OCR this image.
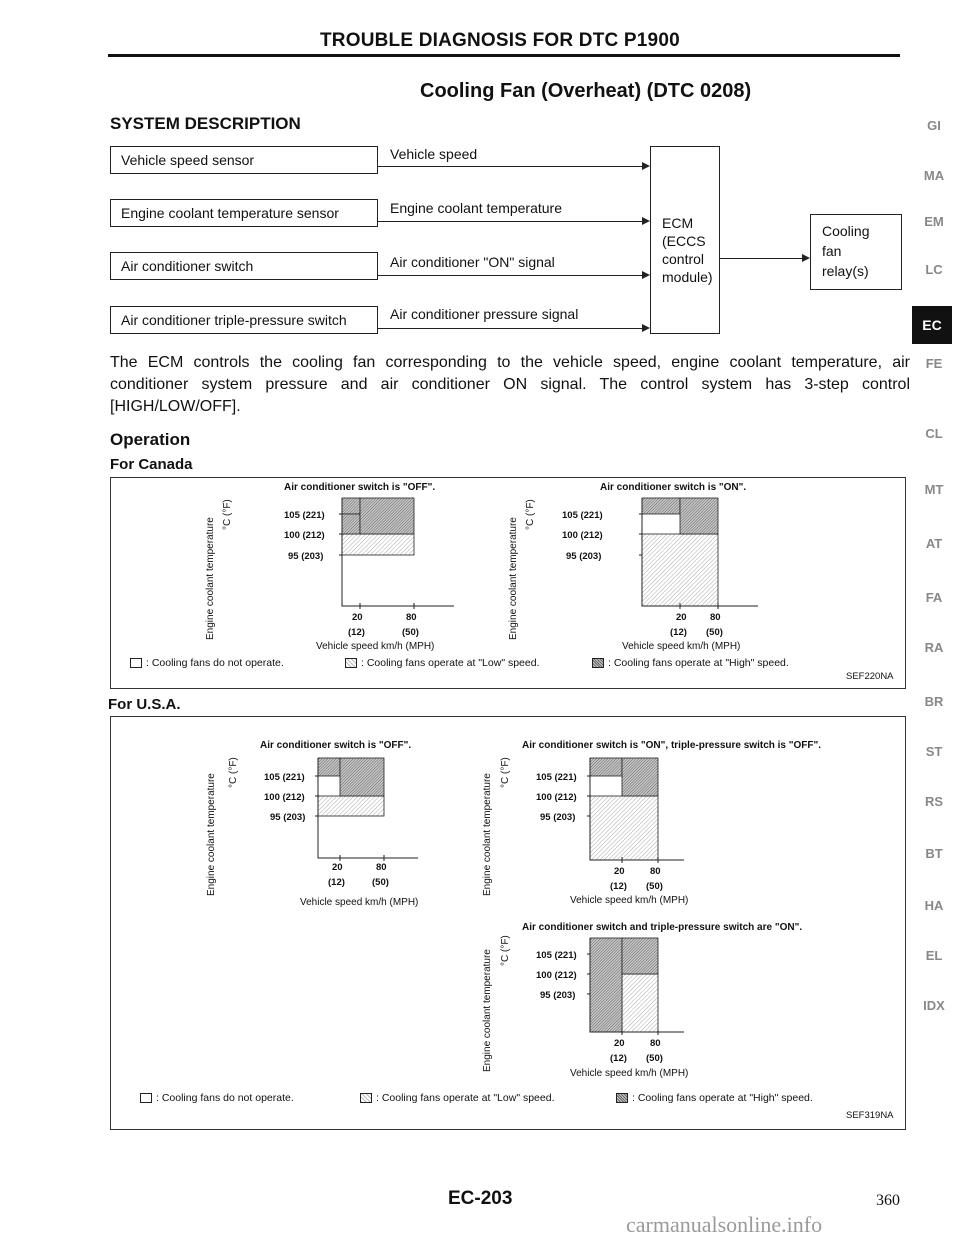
TROUBLE DIAGNOSIS FOR DTC P1900
Cooling Fan (Overheat) (DTC 0208)
SYSTEM DESCRIPTION
Vehicle speed sensor
Engine coolant temperature sensor
Air conditioner switch
Air conditioner triple-pressure switch
Vehicle speed
Engine coolant temperature
Air conditioner "ON" signal
Air conditioner pressure signal
ECM
(ECCS
control
module)
Cooling
fan
relay(s)
The ECM controls the cooling fan corresponding to the vehicle speed, engine coolant temperature, air conditioner system pressure and air conditioner ON signal. The control system has 3-step control [HIGH/LOW/OFF].
Operation
For Canada
Air conditioner switch is "OFF".
Engine coolant temperature
°C (°F)	105 (221)
100 (212)
95 (203)
20	80
(12)	(50)
Vehicle speed km/h (MPH)
Air conditioner switch is "ON".
Engine coolant temperature
°C (°F)	105 (221)
100 (212)
95 (203)
20 80
(12) (50)
Vehicle speed km/h (MPH)
: Cooling fans do not operate.	: Cooling fans operate at "Low" speed.	: Cooling fans operate at "High" speed.
SEF220NA
For U.S.A.
Air conditioner switch is "OFF".
Engine coolant temperature
°C (°F)	105 (221)
100 (212)
95 (203)
20	80
(12)	(50)
Vehicle speed km/h (MPH)
Air conditioner switch is "ON", triple-pressure switch is "OFF".
Engine coolant temperature
°C (°F)	105 (221)
100 (212)
95 (203)
20	80
(12) (50)
Vehicle speed km/h (MPH)
Air conditioner switch and triple-pressure switch are "ON".
Engine coolant temperature °C (°F)	105 (221)
100 (212)
95 (203)
20	80
(12) (50)
Vehicle speed km/h (MPH)
: Cooling fans do not operate.	: Cooling fans operate at "Low" speed.	: Cooling fans operate at "High" speed.
SEF319NA
GI
MA
EM
LC
EC
FE
CL
MT
AT
FA
RA
BR
ST
RS
BT
HA
EL
IDX
EC-203	360
carmanualsonline.info
